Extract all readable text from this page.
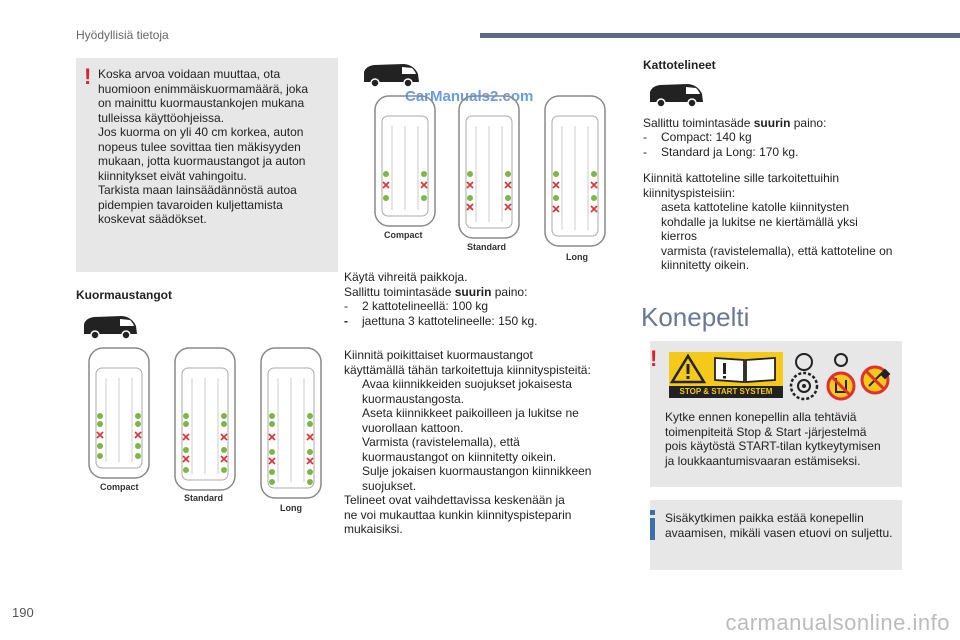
Hyödyllisiä tietoja
! Koska arvoa voidaan muuttaa, ota

huomioon enimmäiskuormamäärä, joka

on mainittu kuormaustankojen mukana

tulleissa käyttöohjeissa.

Jos kuorma on yli 40 cm korkea, auton

nopeus tulee sovittaa tien mäkisyyden

mukaan, jotta kuormaustangot ja auton

kiinnitykset eivät vahingoitu.

Tarkista maan lainsäädännöstä autoa

pidempien tavaroiden kuljettamista

koskevat säädökset.

Kuormaustangot
Compact
Standard
Long
CarManuals2.com
Compact
Standard
Long

Käytä vihreitä paikkoja.

Sallittu toimintasäde suurin paino:

- 2 kattotelineellä: 100 kg
- jaettuna 3 kattotelineelle: 150 kg.

Kiinnitä poikittaiset kuormaustangot

käyttämällä tähän tarkoitettuja kiinnityspisteitä:

Avaa kiinnikkeiden suojukset jokaisesta
kuormaustangosta.
Aseta kiinnikkeet paikoilleen ja lukitse ne
vuorollaan kattoon.
Varmista (ravistelemalla), että
kuormaustangot on kiinnitetty oikein.
Sulje jokaisen kuormaustangon kiinnikkeen
suojukset.

Telineet ovat vaihdettavissa keskenään ja

ne voi mukauttaa kunkin kiinnityspisteparin

mukaisiksi.

Kattotelineet

Sallittu toimintasäde suurin paino:

- Compact: 140 kg
- Standard ja Long: 170 kg.

Kiinnitä kattoteline sille tarkoitettuihin

kiinnityspisteisiin:

aseta kattoteline katolle kiinnitysten
kohdalle ja lukitse ne kiertämällä yksi
kierros
varmista (ravistelemalla), että kattoteline on
kiinnitetty oikein.
Konepelti
!
STOP & START SYSTEM

Kytke ennen konepellin alla tehtäviä

toimenpiteitä Stop & Start -järjestelmä

pois käytöstä START-tilan kytkeytymisen

ja loukkaantumisvaaran estämiseksi.

Sisäkytkimen paikka estää konepellin

avaamisen, mikäli vasen etuovi on suljettu.

190	carmanualsonline.info
